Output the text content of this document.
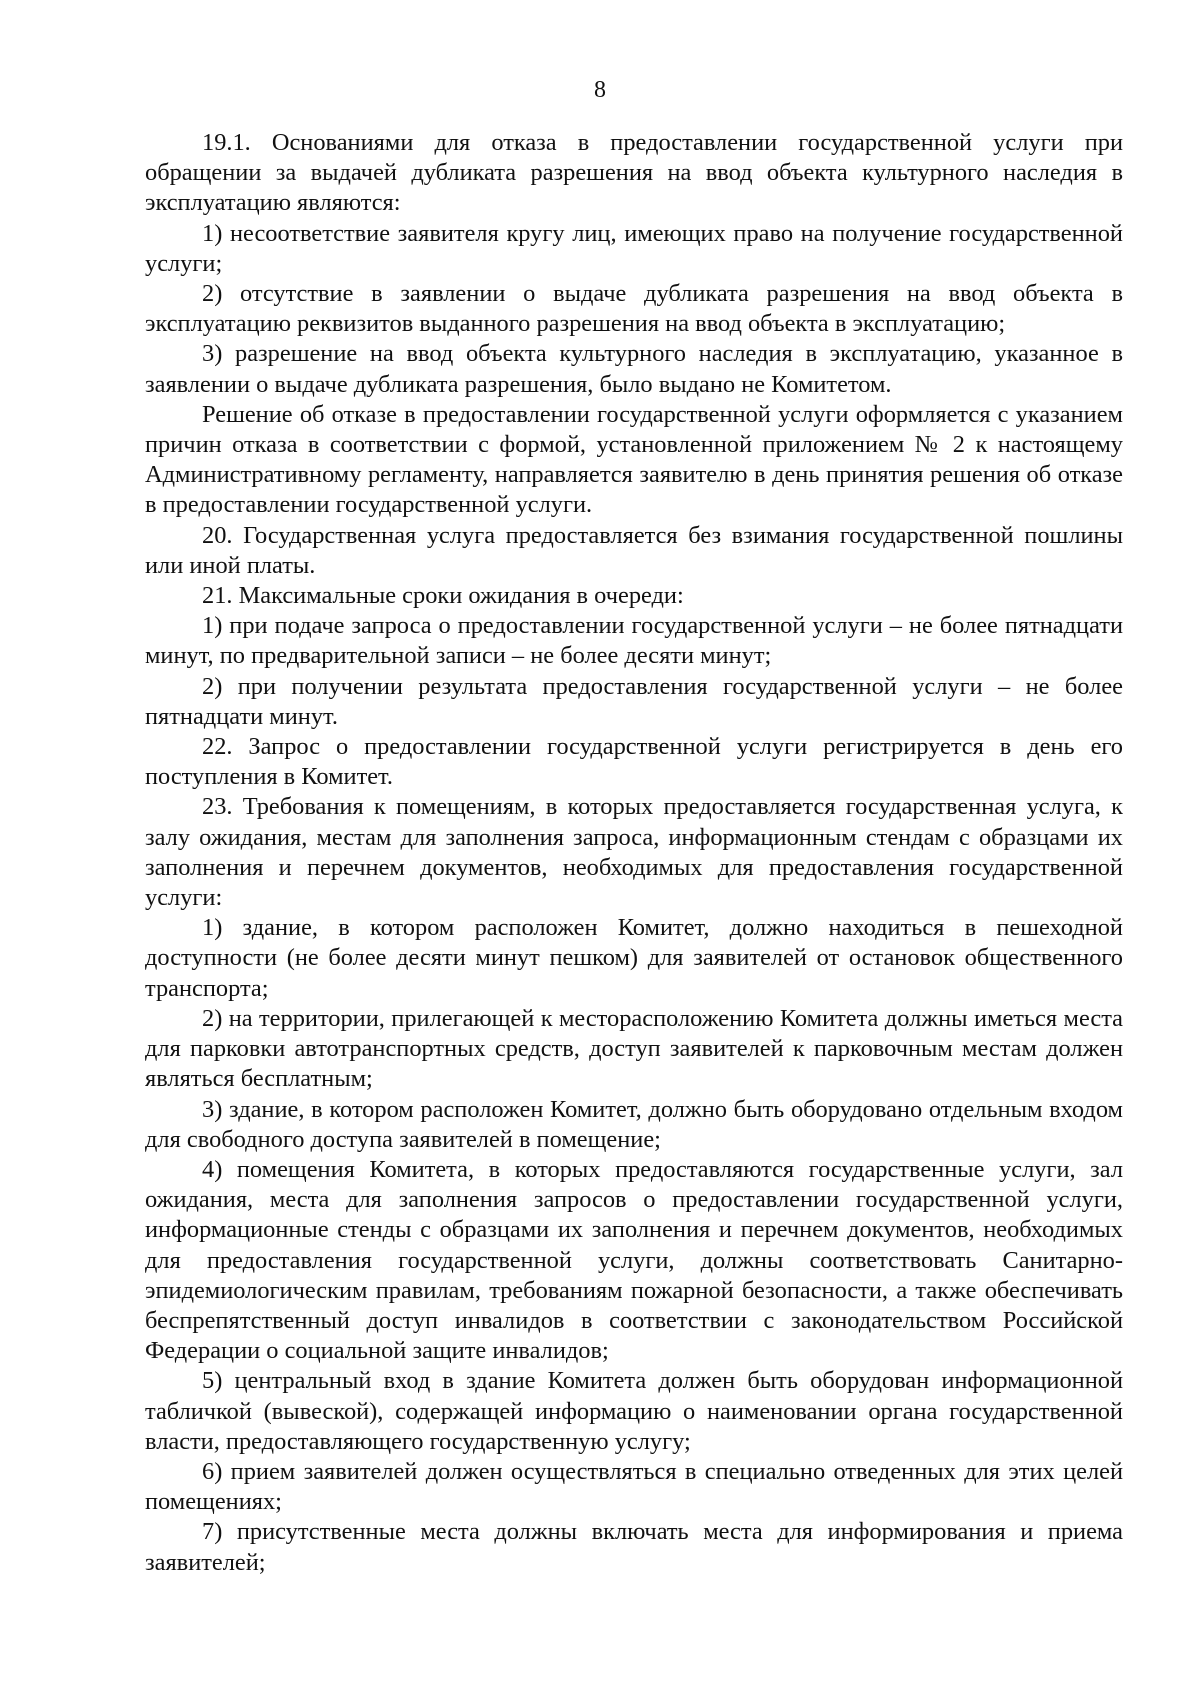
8

19.1. Основаниями для отказа в предоставлении государственной услуги при обращении за выдачей дубликата разрешения на ввод объекта культурного наследия в эксплуатацию являются:

1) несоответствие заявителя кругу лиц, имеющих право на получение государственной услуги;

2) отсутствие в заявлении о выдаче дубликата разрешения на ввод объекта в эксплуатацию реквизитов выданного разрешения на ввод объекта в эксплуатацию;

3) разрешение на ввод объекта культурного наследия в эксплуатацию, указанное в заявлении о выдаче дубликата разрешения, было выдано не Комитетом.

Решение об отказе в предоставлении государственной услуги оформляется с указанием причин отказа в соответствии с формой, установленной приложением № 2 к настоящему Административному регламенту, направляется заявителю в день принятия решения об отказе в предоставлении государственной услуги.

20. Государственная услуга предоставляется без взимания государственной пошлины или иной платы.

21. Максимальные сроки ожидания в очереди:

1) при подаче запроса о предоставлении государственной услуги – не более пятнадцати минут, по предварительной записи – не более десяти минут;

2) при получении результата предоставления государственной услуги – не более пятнадцати минут.

22. Запрос о предоставлении государственной услуги регистрируется в день его поступления в Комитет.

23. Требования к помещениям, в которых предоставляется государственная услуга, к залу ожидания, местам для заполнения запроса, информационным стендам с образцами их заполнения и перечнем документов, необходимых для предоставления государственной услуги:

1) здание, в котором расположен Комитет, должно находиться в пешеходной доступности (не более десяти минут пешком) для заявителей от остановок общественного транспорта;

2) на территории, прилегающей к месторасположению Комитета должны иметься места для парковки автотранспортных средств, доступ заявителей к парковочным местам должен являться бесплатным;

3) здание, в котором расположен Комитет, должно быть оборудовано отдельным входом для свободного доступа заявителей в помещение;

4) помещения Комитета, в которых предоставляются государственные услуги, зал ожидания, места для заполнения запросов о предоставлении государственной услуги, информационные стенды с образцами их заполнения и перечнем документов, необходимых для предоставления государственной услуги, должны соответствовать Санитарно-эпидемиологическим правилам, требованиям пожарной безопасности, а также обеспечивать беспрепятственный доступ инвалидов в соответствии с законодательством Российской Федерации о социальной защите инвалидов;

5) центральный вход в здание Комитета должен быть оборудован информационной табличкой (вывеской), содержащей информацию о наименовании органа государственной власти, предоставляющего государственную услугу;

6) прием заявителей должен осуществляться в специально отведенных для этих целей помещениях;

7) присутственные места должны включать места для информирования и приема заявителей;
